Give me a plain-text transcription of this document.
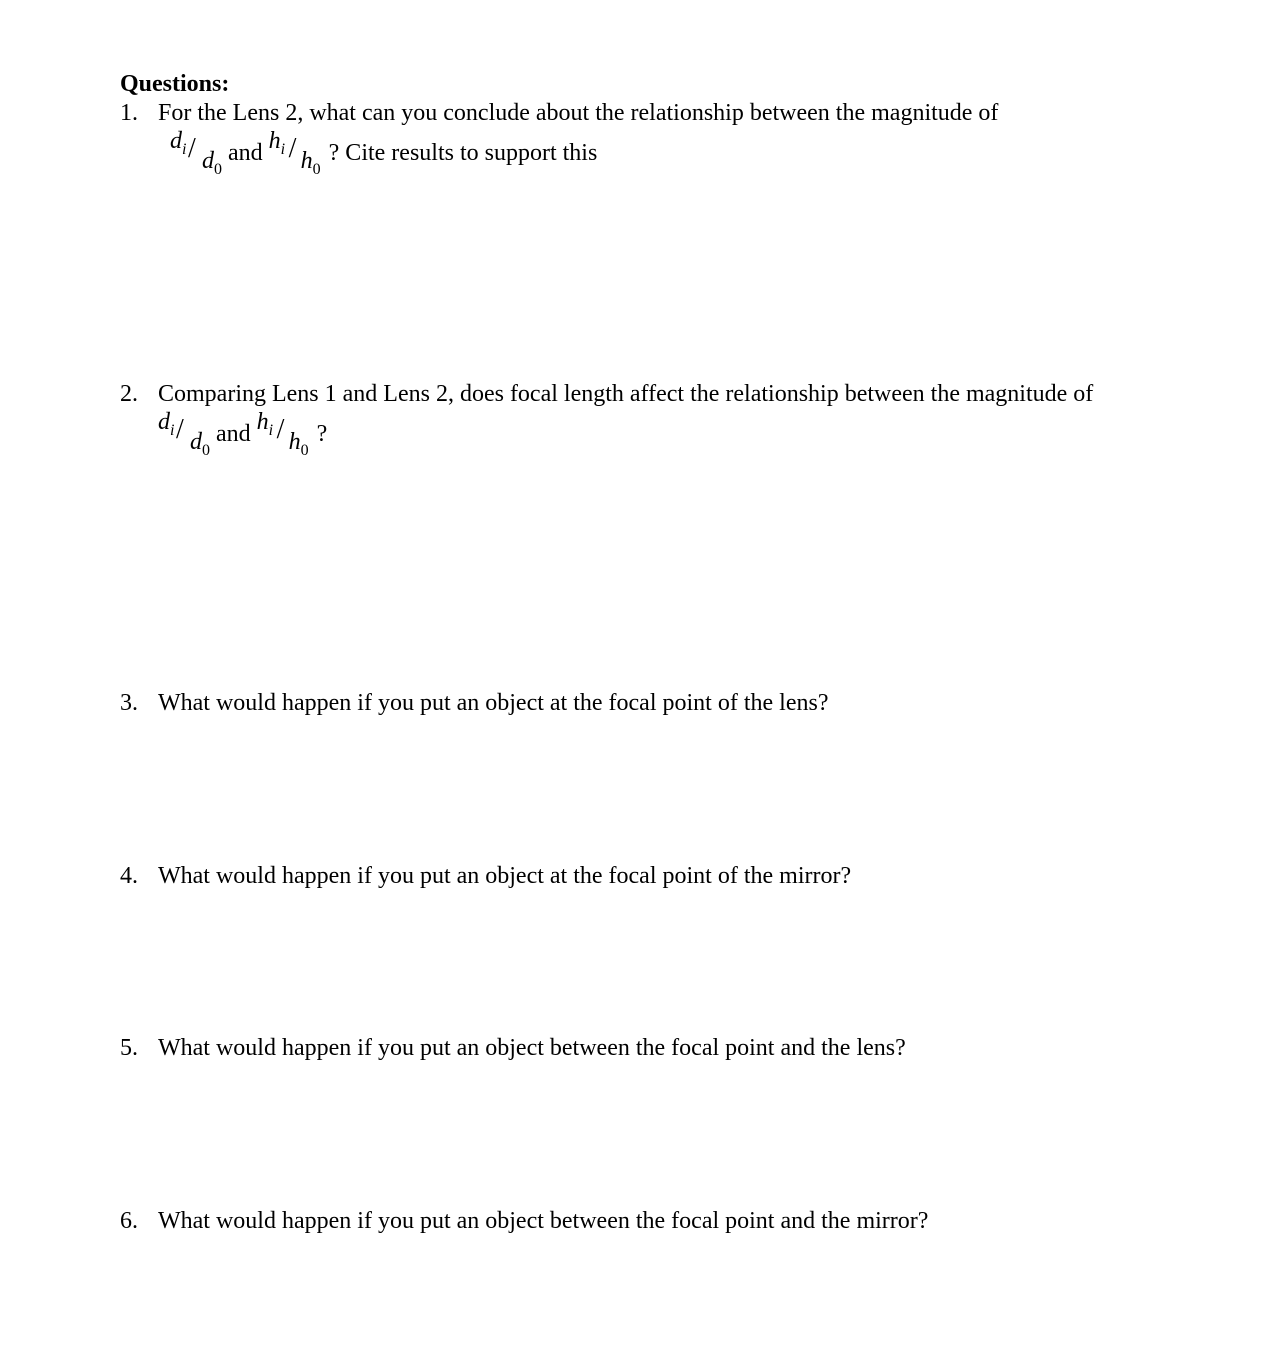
Questions:
1. For the Lens 2, what can you conclude about the relationship between the magnitude of
$d_i / d_0$
and $h_i / h_0$
? Cite results to support this
2. Comparing Lens 1 and Lens 2, does focal length affect the relationship between the magnitude of
$d_i / d_0$
and $h_i / h_0$
?
3. What would happen if you put an object at the focal point of the lens?
4. What would happen if you put an object at the focal point of the mirror?
5. What would happen if you put an object between the focal point and the lens?
6. What would happen if you put an object between the focal point and the mirror?
